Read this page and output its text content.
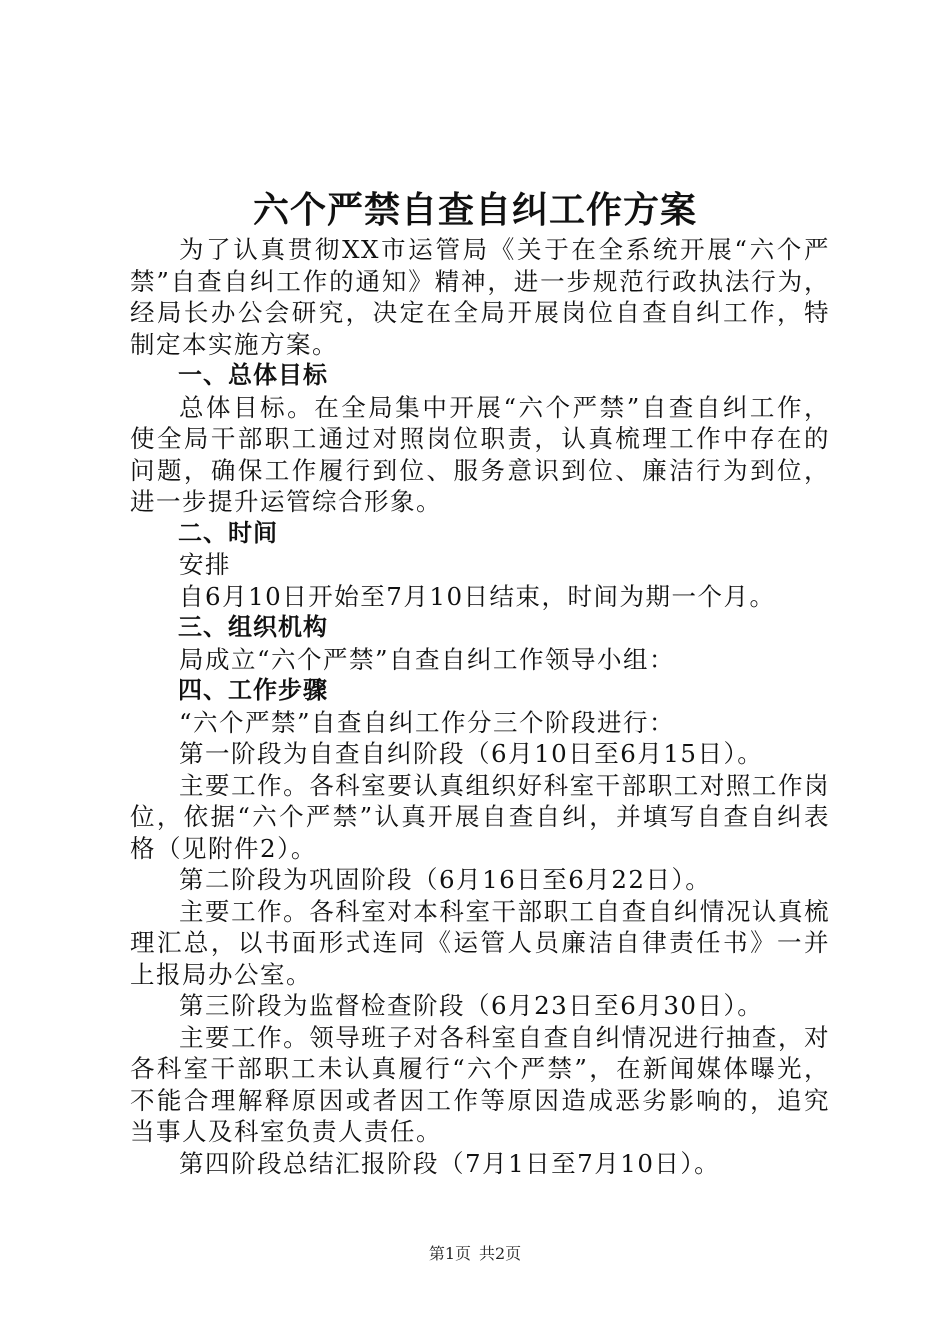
六个严禁自查自纠工作方案

为了认真贯彻XX市运管局《关于在全系统开展“六个严禁”自查自纠工作的通知》精神，进一步规范行政执法行为，经局长办公会研究，决定在全局开展岗位自查自纠工作，特制定本实施方案。

一、总体目标

总体目标。在全局集中开展“六个严禁”自查自纠工作，使全局干部职工通过对照岗位职责，认真梳理工作中存在的问题，确保工作履行到位、服务意识到位、廉洁行为到位，进一步提升运管综合形象。

二、时间

安排

自6月10日开始至7月10日结束，时间为期一个月。

三、组织机构

局成立“六个严禁”自查自纠工作领导小组：

四、工作步骤

“六个严禁”自查自纠工作分三个阶段进行：

第一阶段为自查自纠阶段（6月10日至6月15日）。

主要工作。各科室要认真组织好科室干部职工对照工作岗位，依据“六个严禁”认真开展自查自纠，并填写自查自纠表格（见附件2）。

第二阶段为巩固阶段（6月16日至6月22日）。

主要工作。各科室对本科室干部职工自查自纠情况认真梳理汇总，以书面形式连同《运管人员廉洁自律责任书》一并上报局办公室。

第三阶段为监督检查阶段（6月23日至6月30日）。

主要工作。领导班子对各科室自查自纠情况进行抽查，对各科室干部职工未认真履行“六个严禁”，在新闻媒体曝光，不能合理解释原因或者因工作等原因造成恶劣影响的，追究当事人及科室负责人责任。

第四阶段总结汇报阶段（7月1日至7月10日）。

第1页 共2页
